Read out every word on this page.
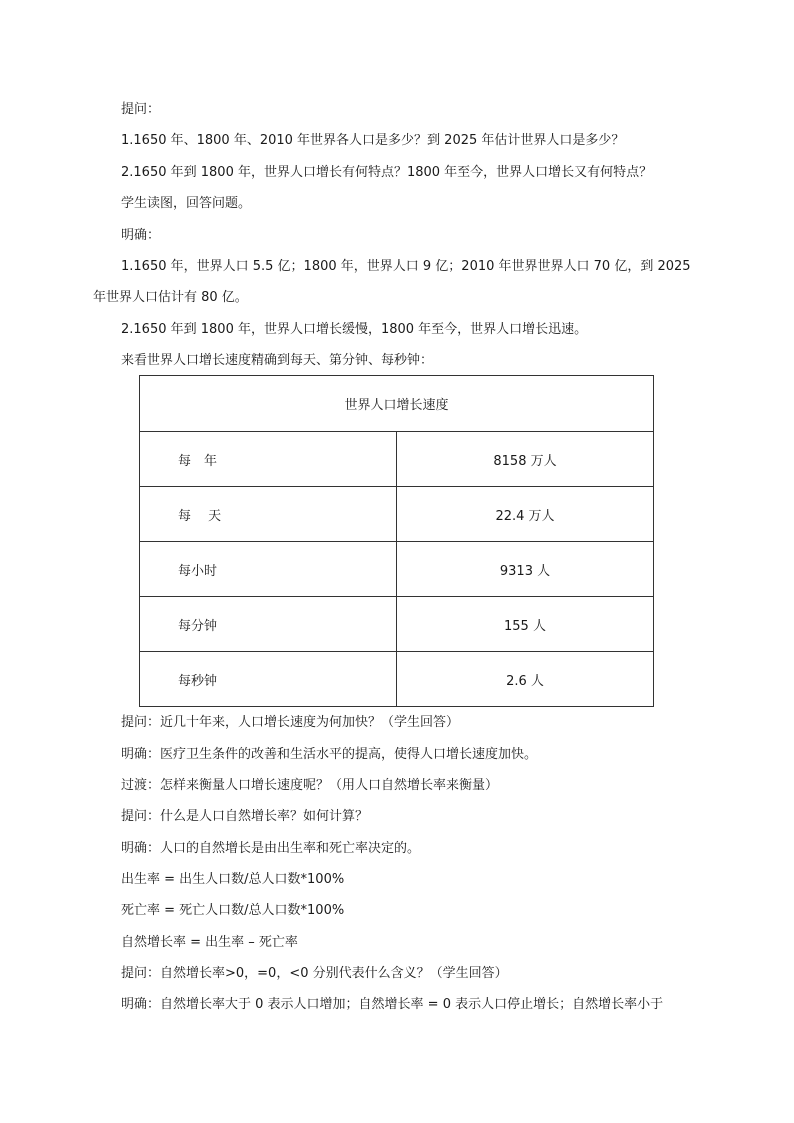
提问：
1.1650 年、1800 年、2010 年世界各人口是多少？到 2025 年估计世界人口是多少？
2.1650 年到 1800 年，世界人口增长有何特点？1800 年至今，世界人口增长又有何特点？
学生读图，回答问题。
明确：
1.1650 年，世界人口 5.5 亿；1800 年，世界人口 9 亿；2010 年世界世界人口 70 亿，到 2025
年世界人口估计有 80 亿。
2.1650 年到 1800 年，世界人口增长缓慢，1800 年至今，世界人口增长迅速。
来看世界人口增长速度精确到每天、第分钟、每秒钟：
世界人口增长速度	
每　年	8158 万人
每　 天	22.4 万人
每小时	9313 人
每分钟	155 人
每秒钟	2.6 人
提问：近几十年来，人口增长速度为何加快？（学生回答）
明确：医疗卫生条件的改善和生活水平的提高，使得人口增长速度加快。
过渡：怎样来衡量人口增长速度呢？（用人口自然增长率来衡量）
提问：什么是人口自然增长率？如何计算？
明确：人口的自然增长是由出生率和死亡率决定的。
出生率 = 出生人口数/总人口数*100%
死亡率 = 死亡人口数/总人口数*100%
自然增长率 = 出生率 – 死亡率
提问：自然增长率>0，=0，<0 分别代表什么含义？（学生回答）
明确：自然增长率大于 0 表示人口增加；自然增长率 = 0 表示人口停止增长；自然增长率小于
